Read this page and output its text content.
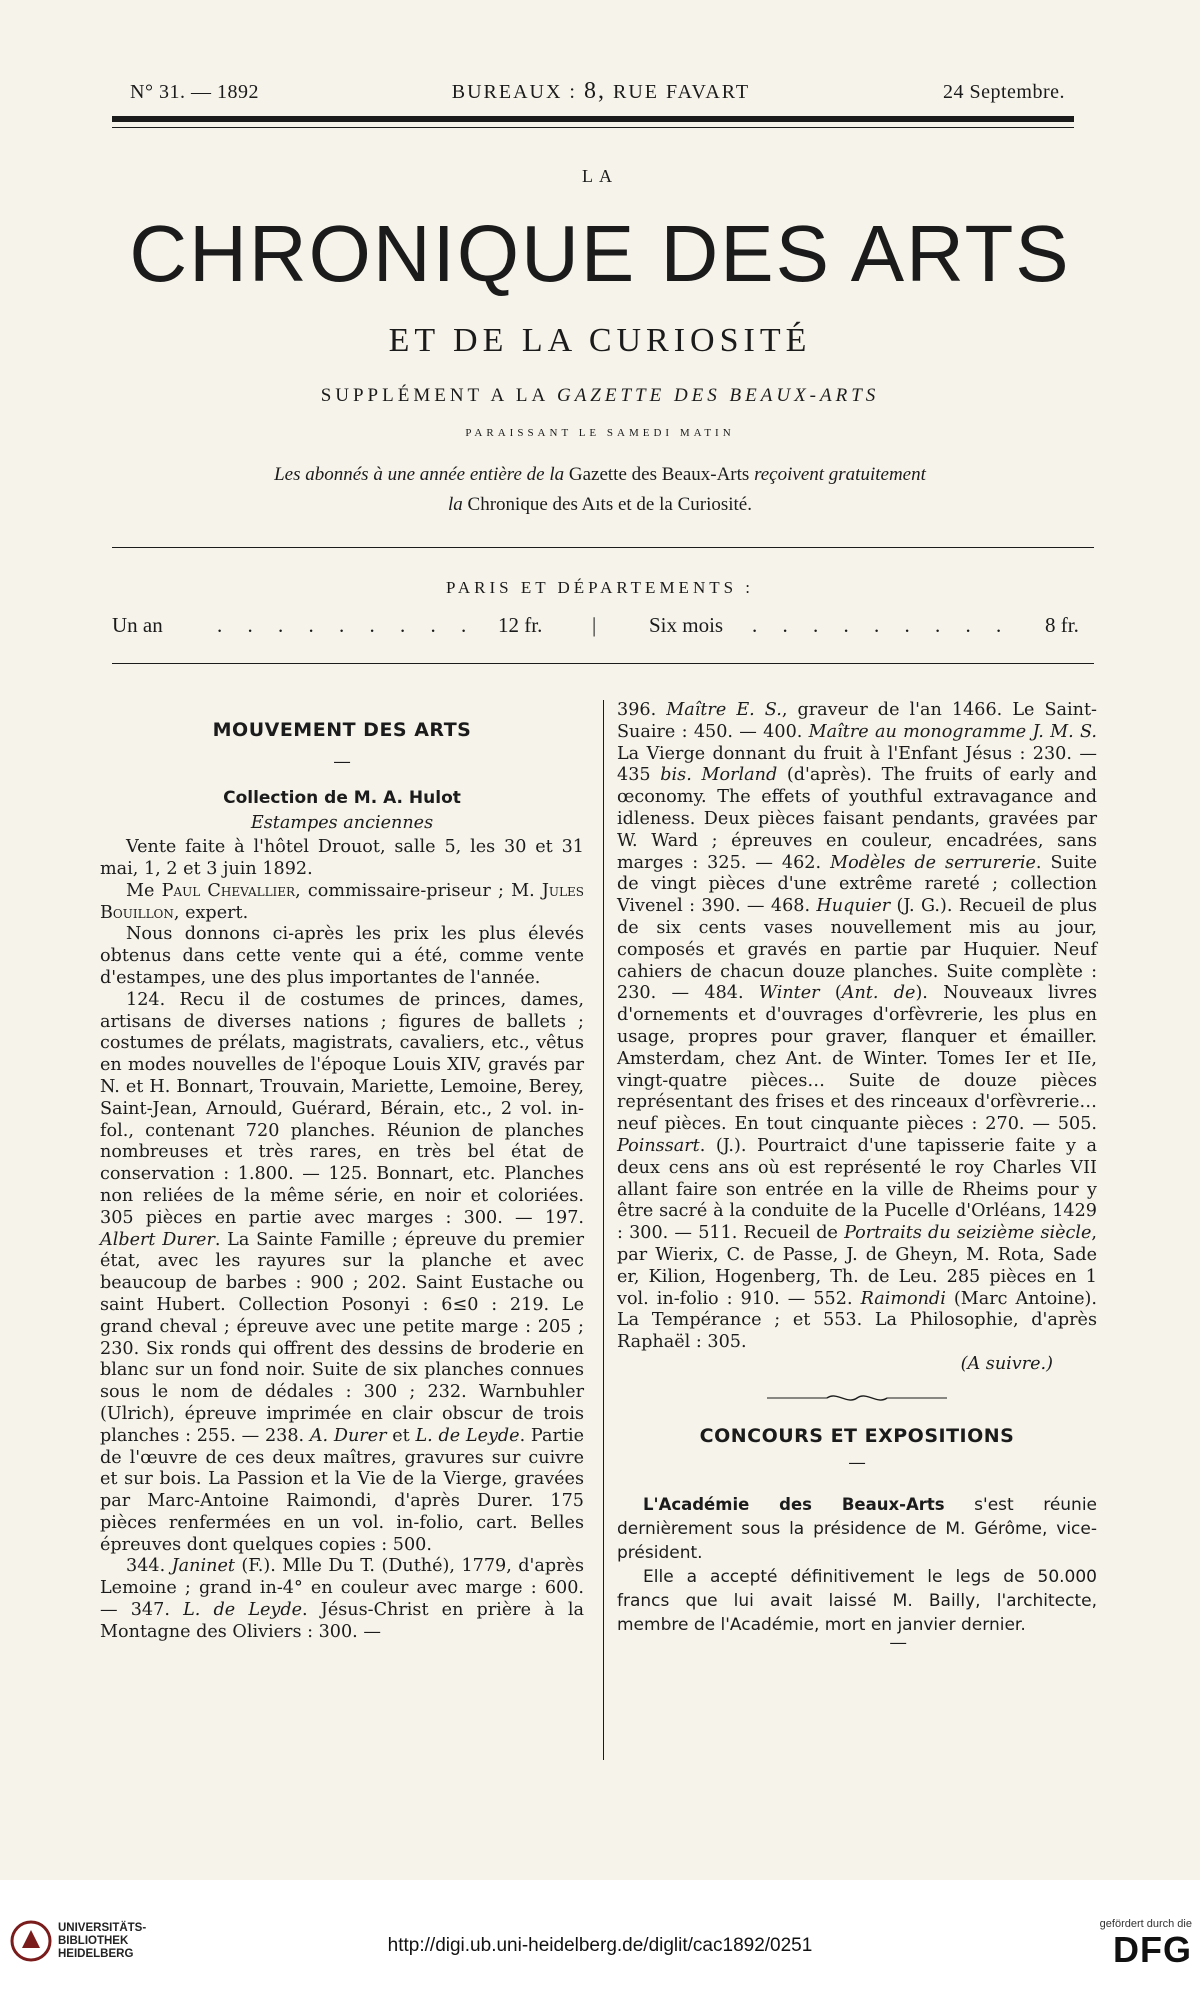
N° 31. — 1892	BUREAUX : 8, RUE FAVART	24 Septembre.
LA
CHRONIQUE DES ARTS
ET DE LA CURIOSITÉ
SUPPLÉMENT A LA GAZETTE DES BEAUX-ARTS
PARAISSANT LE SAMEDI MATIN
Les abonnés à une année entière de la Gazette des Beaux-Arts reçoivent gratuitement
la Chronique des Aıts et de la Curiosité.
PARIS ET DÉPARTEMENTS :
Un an	. . . . . . . . . 12 fr. |	Six mois . . . . . . . . . 8 fr.
MOUVEMENT DES ARTS
—
Collection de M. A. Hulot
Estampes anciennes

Vente faite à l'hôtel Drouot, salle 5, les 30 et 31 mai, 1, 2 et 3 juin 1892.

Me Paul Chevallier, commissaire-priseur ; M. Jules Bouillon, expert.

Nous donnons ci-après les prix les plus élevés obtenus dans cette vente qui a été, comme vente d'estampes, une des plus importantes de l'année.

124. Recu il de costumes de princes, dames, artisans de diverses nations ; figures de ballets ; costumes de prélats, magistrats, cavaliers, etc., vêtus en modes nouvelles de l'époque Louis XIV, gravés par N. et H. Bonnart, Trouvain, Mariette, Lemoine, Berey, Saint-Jean, Arnould, Guérard, Bérain, etc., 2 vol. in-fol., contenant 720 planches. Réunion de planches nombreuses et très rares, en très bel état de conservation : 1.800. — 125. Bonnart, etc. Planches non reliées de la même série, en noir et coloriées. 305 pièces en partie avec marges : 300. — 197. Albert Durer. La Sainte Famille ; épreuve du premier état, avec les rayures sur la planche et avec beaucoup de barbes : 900 ; 202. Saint Eustache ou saint Hubert. Collection Posonyi : 6≤0 : 219. Le grand cheval ; épreuve avec une petite marge : 205 ; 230. Six ronds qui offrent des dessins de broderie en blanc sur un fond noir. Suite de six planches connues sous le nom de dédales : 300 ; 232. Warnbuhler (Ulrich), épreuve imprimée en clair obscur de trois planches : 255. — 238. A. Durer et L. de Leyde. Partie de l'œuvre de ces deux maîtres, gravures sur cuivre et sur bois. La Passion et la Vie de la Vierge, gravées par Marc-Antoine Raimondi, d'après Durer. 175 pièces renfermées en un vol. in-folio, cart. Belles épreuves dont quelques copies : 500.

344. Janinet (F.). Mlle Du T. (Duthé), 1779, d'après Lemoine ; grand in-4° en couleur avec marge : 600. — 347. L. de Leyde. Jésus-Christ en prière à la Montagne des Oliviers : 300. —

396. Maître E. S., graveur de l'an 1466. Le Saint-Suaire : 450. — 400. Maître au monogramme J. M. S. La Vierge donnant du fruit à l'Enfant Jésus : 230. — 435 bis. Morland (d'après). The fruits of early and œconomy. The effets of youthful extravagance and idleness. Deux pièces faisant pendants, gravées par W. Ward ; épreuves en couleur, encadrées, sans marges : 325. — 462. Modèles de serrurerie. Suite de vingt pièces d'une extrême rareté ; collection Vivenel : 390. — 468. Huquier (J. G.). Recueil de plus de six cents vases nouvellement mis au jour, composés et gravés en partie par Huquier. Neuf cahiers de chacun douze planches. Suite complète : 230. — 484. Winter (Ant. de). Nouveaux livres d'ornements et d'ouvrages d'orfèvrerie, les plus en usage, propres pour graver, flanquer et émailler. Amsterdam, chez Ant. de Winter. Tomes Ier et IIe, vingt-quatre pièces… Suite de douze pièces représentant des frises et des rinceaux d'orfèvrerie… neuf pièces. En tout cinquante pièces : 270. — 505. Poinssart. (J.). Pourtraict d'une tapisserie faite y a deux cens ans où est représenté le roy Charles VII allant faire son entrée en la ville de Rheims pour y être sacré à la conduite de la Pucelle d'Orléans, 1429 : 300. — 511. Recueil de Portraits du seizième siècle, par Wierix, C. de Passe, J. de Gheyn, M. Rota, Sade er, Kilion, Hogenberg, Th. de Leu. 285 pièces en 1 vol. in-folio : 910. — 552. Raimondi (Marc Antoine). La Tempérance ; et 553. La Philosophie, d'après Raphaël : 305.

(A suivre.)

CONCOURS ET EXPOSITIONS
—

L'Académie des Beaux-Arts s'est réunie dernièrement sous la présidence de M. Gérôme, vice-président.

Elle a accepté définitivement le legs de 50.000 francs que lui avait laissé M. Bailly, l'architecte, membre de l'Académie, mort en janvier dernier.

—

UNIVERSITÄTS-
BIBLIOTHEK
HEIDELBERG	http://digi.ub.uni-heidelberg.de/diglit/cac1892/0251
gefördert durch die
DFG
